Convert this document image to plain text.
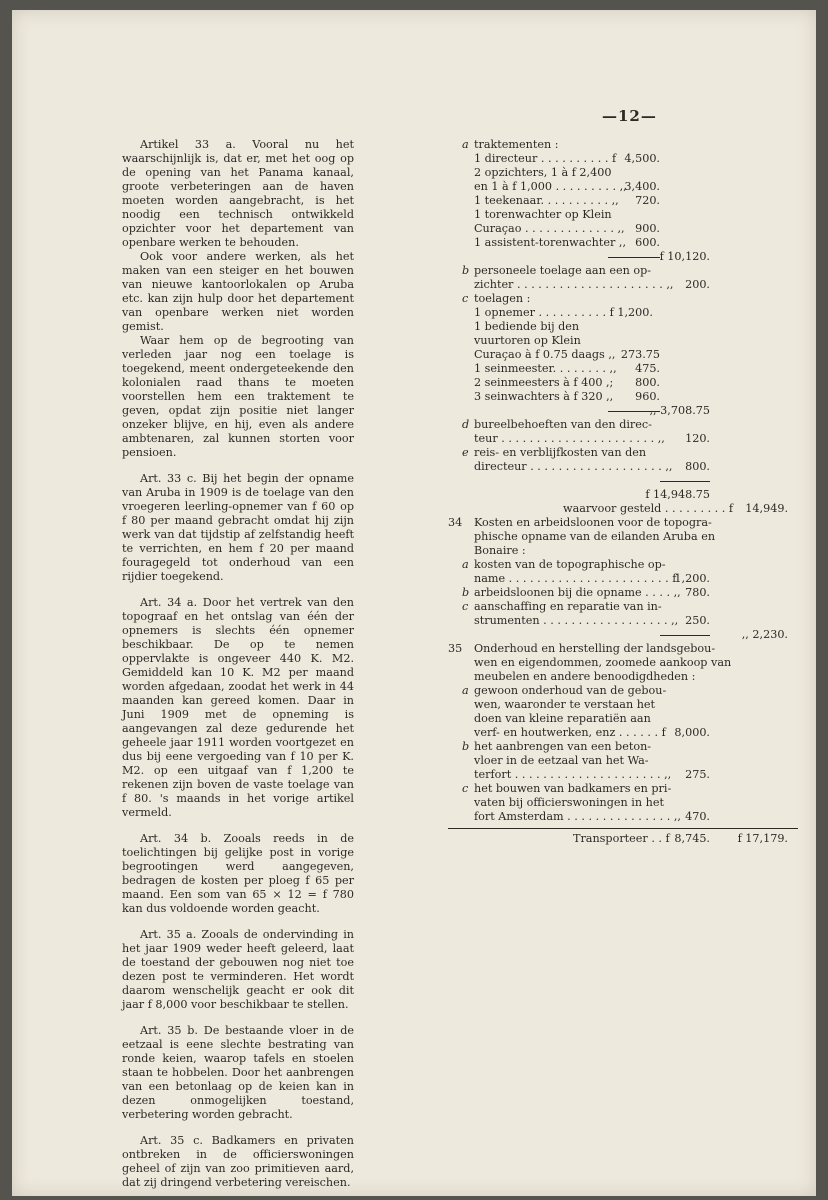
—12—

Artikel 33 a. Vooral nu het waarschijnlijk is, dat er, met het oog op de opening van het Panama kanaal, groote verbeteringen aan de haven moeten worden aangebracht, is het noodig een technisch ontwikkeld opzichter voor het departement van openbare werken te behouden.

Ook voor andere werken, als het maken van een steiger en het bouwen van nieuwe kantoorlokalen op Aruba etc. kan zijn hulp door het departement van openbare werken niet worden gemist.

Waar hem op de begrooting van verleden jaar nog een toelage is toegekend, meent ondergeteekende den kolonialen raad thans te moeten voorstellen hem een traktement te geven, opdat zijn positie niet langer onzeker blijve, en hij, even als andere ambtenaren, zal kunnen storten voor pensioen.

Art. 33 c. Bij het begin der opname van Aruba in 1909 is de toelage van den vroegeren leerling-opnemer van f 60 op f 80 per maand gebracht omdat hij zijn werk van dat tijdstip af zelfstandig heeft te verrichten, en hem f 20 per maand fouragegeld tot onderhoud van een rijdier toegekend.

Art. 34 a. Door het vertrek van den topograaf en het ontslag van één der opnemers is slechts één opnemer beschikbaar. De op te nemen oppervlakte is ongeveer 440 K. M2. Gemiddeld kan 10 K. M2 per maand worden afgedaan, zoodat het werk in 44 maanden kan gereed komen. Daar in Juni 1909 met de opneming is aangevangen zal deze gedurende het geheele jaar 1911 worden voortgezet en dus bij eene vergoeding van f 10 per K. M2. op een uitgaaf van f 1,200 te rekenen zijn boven de vaste toelage van f 80. 's maands in het vorige artikel vermeld.

Art. 34 b. Zooals reeds in de toelichtingen bij gelijke post in vorige begrootingen werd aangegeven, bedragen de kosten per ploeg f 65 per maand. Een som van 65 × 12 = f 780 kan dus voldoende worden geacht.

Art. 35 a. Zooals de ondervinding in het jaar 1909 weder heeft geleerd, laat de toestand der gebouwen nog niet toe dezen post te verminderen. Het wordt daarom wenschelijk geacht er ook dit jaar f 8,000 voor beschikbaar te stellen.

Art. 35 b. De bestaande vloer in de eetzaal is eene slechte bestrating van ronde keien, waarop tafels en stoelen staan te hobbelen. Door het aanbrengen van een betonlaag op de keien kan in dezen onmogelijken toestand, verbetering worden gebracht.

Art. 35 c. Badkamers en privaten ontbreken in de officierswoningen geheel of zijn van zoo primitieven aard, dat zij dringend verbetering vereischen.

a traktementen :
1 directeur . . . . . . . . . . f 4,500.
2 opzichters, 1 à f 2,400
en 1 à f 1,000 . . . . . . . . . ,,
3,400.
1 teekenaar. . . . . . . . . . ,, 720.
1 torenwachter op Klein
Curaçao . . . . . . . . . . . . . ,, 900.
1 assistent-torenwachter ,, 600.
f 10,120.
b personeele toelage aan een op-
zichter . . . . . . . . . . . . . . . . . . . . . ,, 200.
c toelagen :
1 opnemer . . . . . . . . . . f 1,200.
1 bediende bij den
vuurtoren op Klein
Curaçao à f 0.75 daags ,, 273.75
1 seinmeester. . . . . . . . ,, 475.
2 seinmeesters à f 400 ,; 800.
3 seinwachters à f 320 ,, 960.
,, 3,708.75
d bureelbehoeften van den direc-
teur . . . . . . . . . . . . . . . . . . . . . . ,, 120.
e reis- en verblijfkosten van den
directeur . . . . . . . . . . . . . . . . . . . ,, 800.
f 14,948.75
waarvoor gesteld . . . . . . . . . f 14,949.
34 Kosten en arbeidsloonen voor de topogra-
phische opname van de eilanden Aruba en
Bonaire :
a kosten van de topographische op-
name . . . . . . . . . . . . . . . . . . . . . . . f
1,200.
b arbeidsloonen bij die opname . . . . ,, 780.
c aanschaffing en reparatie van in-
strumenten . . . . . . . . . . . . . . . . . . ,, 250.
,, 2,230.
35 Onderhoud en herstelling der landsgebou-
wen en eigendommen, zoomede aankoop van
meubelen en andere benoodigdheden :
a gewoon onderhoud van de gebou-
wen, waaronder te verstaan het
doen van kleine reparatiën aan
verf- en houtwerken, enz . . . . . . f 8,000.
b het aanbrengen van een beton-
vloer in de eetzaal van het Wa-
terfort . . . . . . . . . . . . . . . . . . . . . ,, 275.
c het bouwen van badkamers en pri-
vaten bij officierswoningen in het
fort Amsterdam . . . . . . . . . . . . . . . ,, 470.
Transporteer . . f 8,745. f 17,179.
